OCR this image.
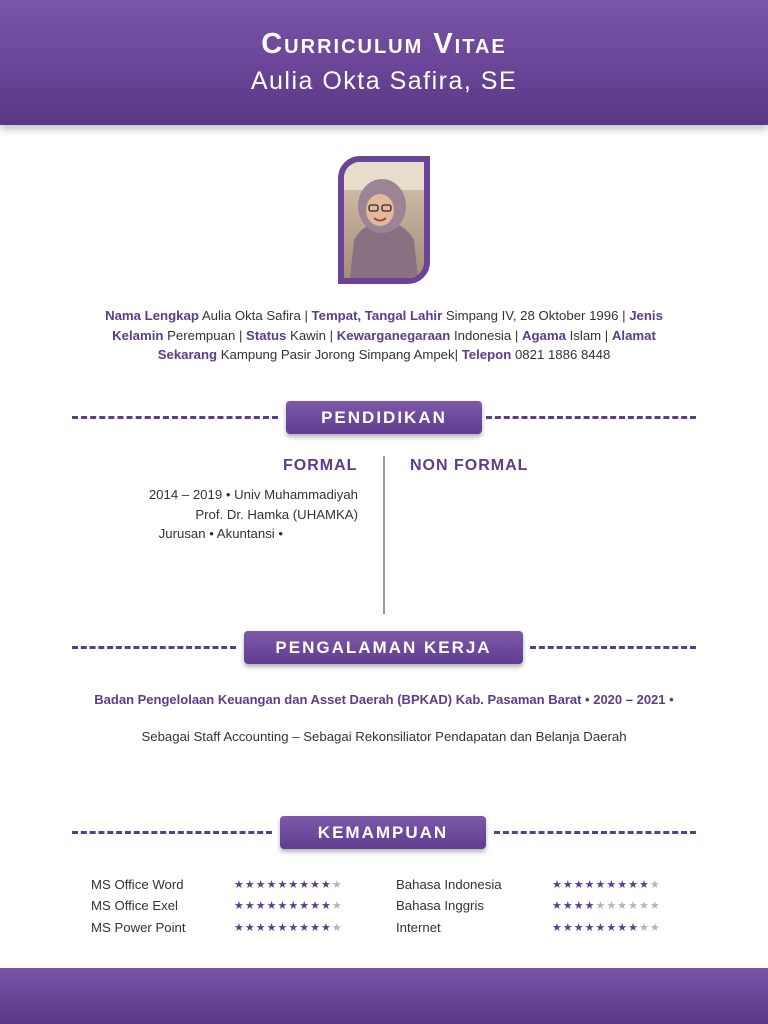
Curriculum Vitae
Aulia Okta Safira, SE
Nama Lengkap Aulia Okta Safira | Tempat, Tangal Lahir Simpang IV, 28 Oktober 1996 | Jenis Kelamin Perempuan | Status Kawin | Kewarganegaraan Indonesia | Agama Islam | Alamat Sekarang Kampung Pasir Jorong Simpang Ampek| Telepon 0821 1886 8448
PENDIDIKAN
FORMAL	NON FORMAL
2014 – 2019 • Univ Muhammadiyah
Prof. Dr. Hamka (UHAMKA)
Jurusan • Akuntansi •
PENGALAMAN KERJA
Badan Pengelolaan Keuangan dan Asset Daerah (BPKAD) Kab. Pasaman Barat • 2020 – 2021 •
Sebagai Staff Accounting – Sebagai Rekonsiliator Pendapatan dan Belanja Daerah
KEMAMPUAN
MS Office Word	★★★★★★★★★★
MS Office Exel	★★★★★★★★★★
MS Power Point	★★★★★★★★★★
Bahasa Indonesia	★★★★★★★★★★
Bahasa Inggris	★★★★★★★★★★
Internet	★★★★★★★★★★
